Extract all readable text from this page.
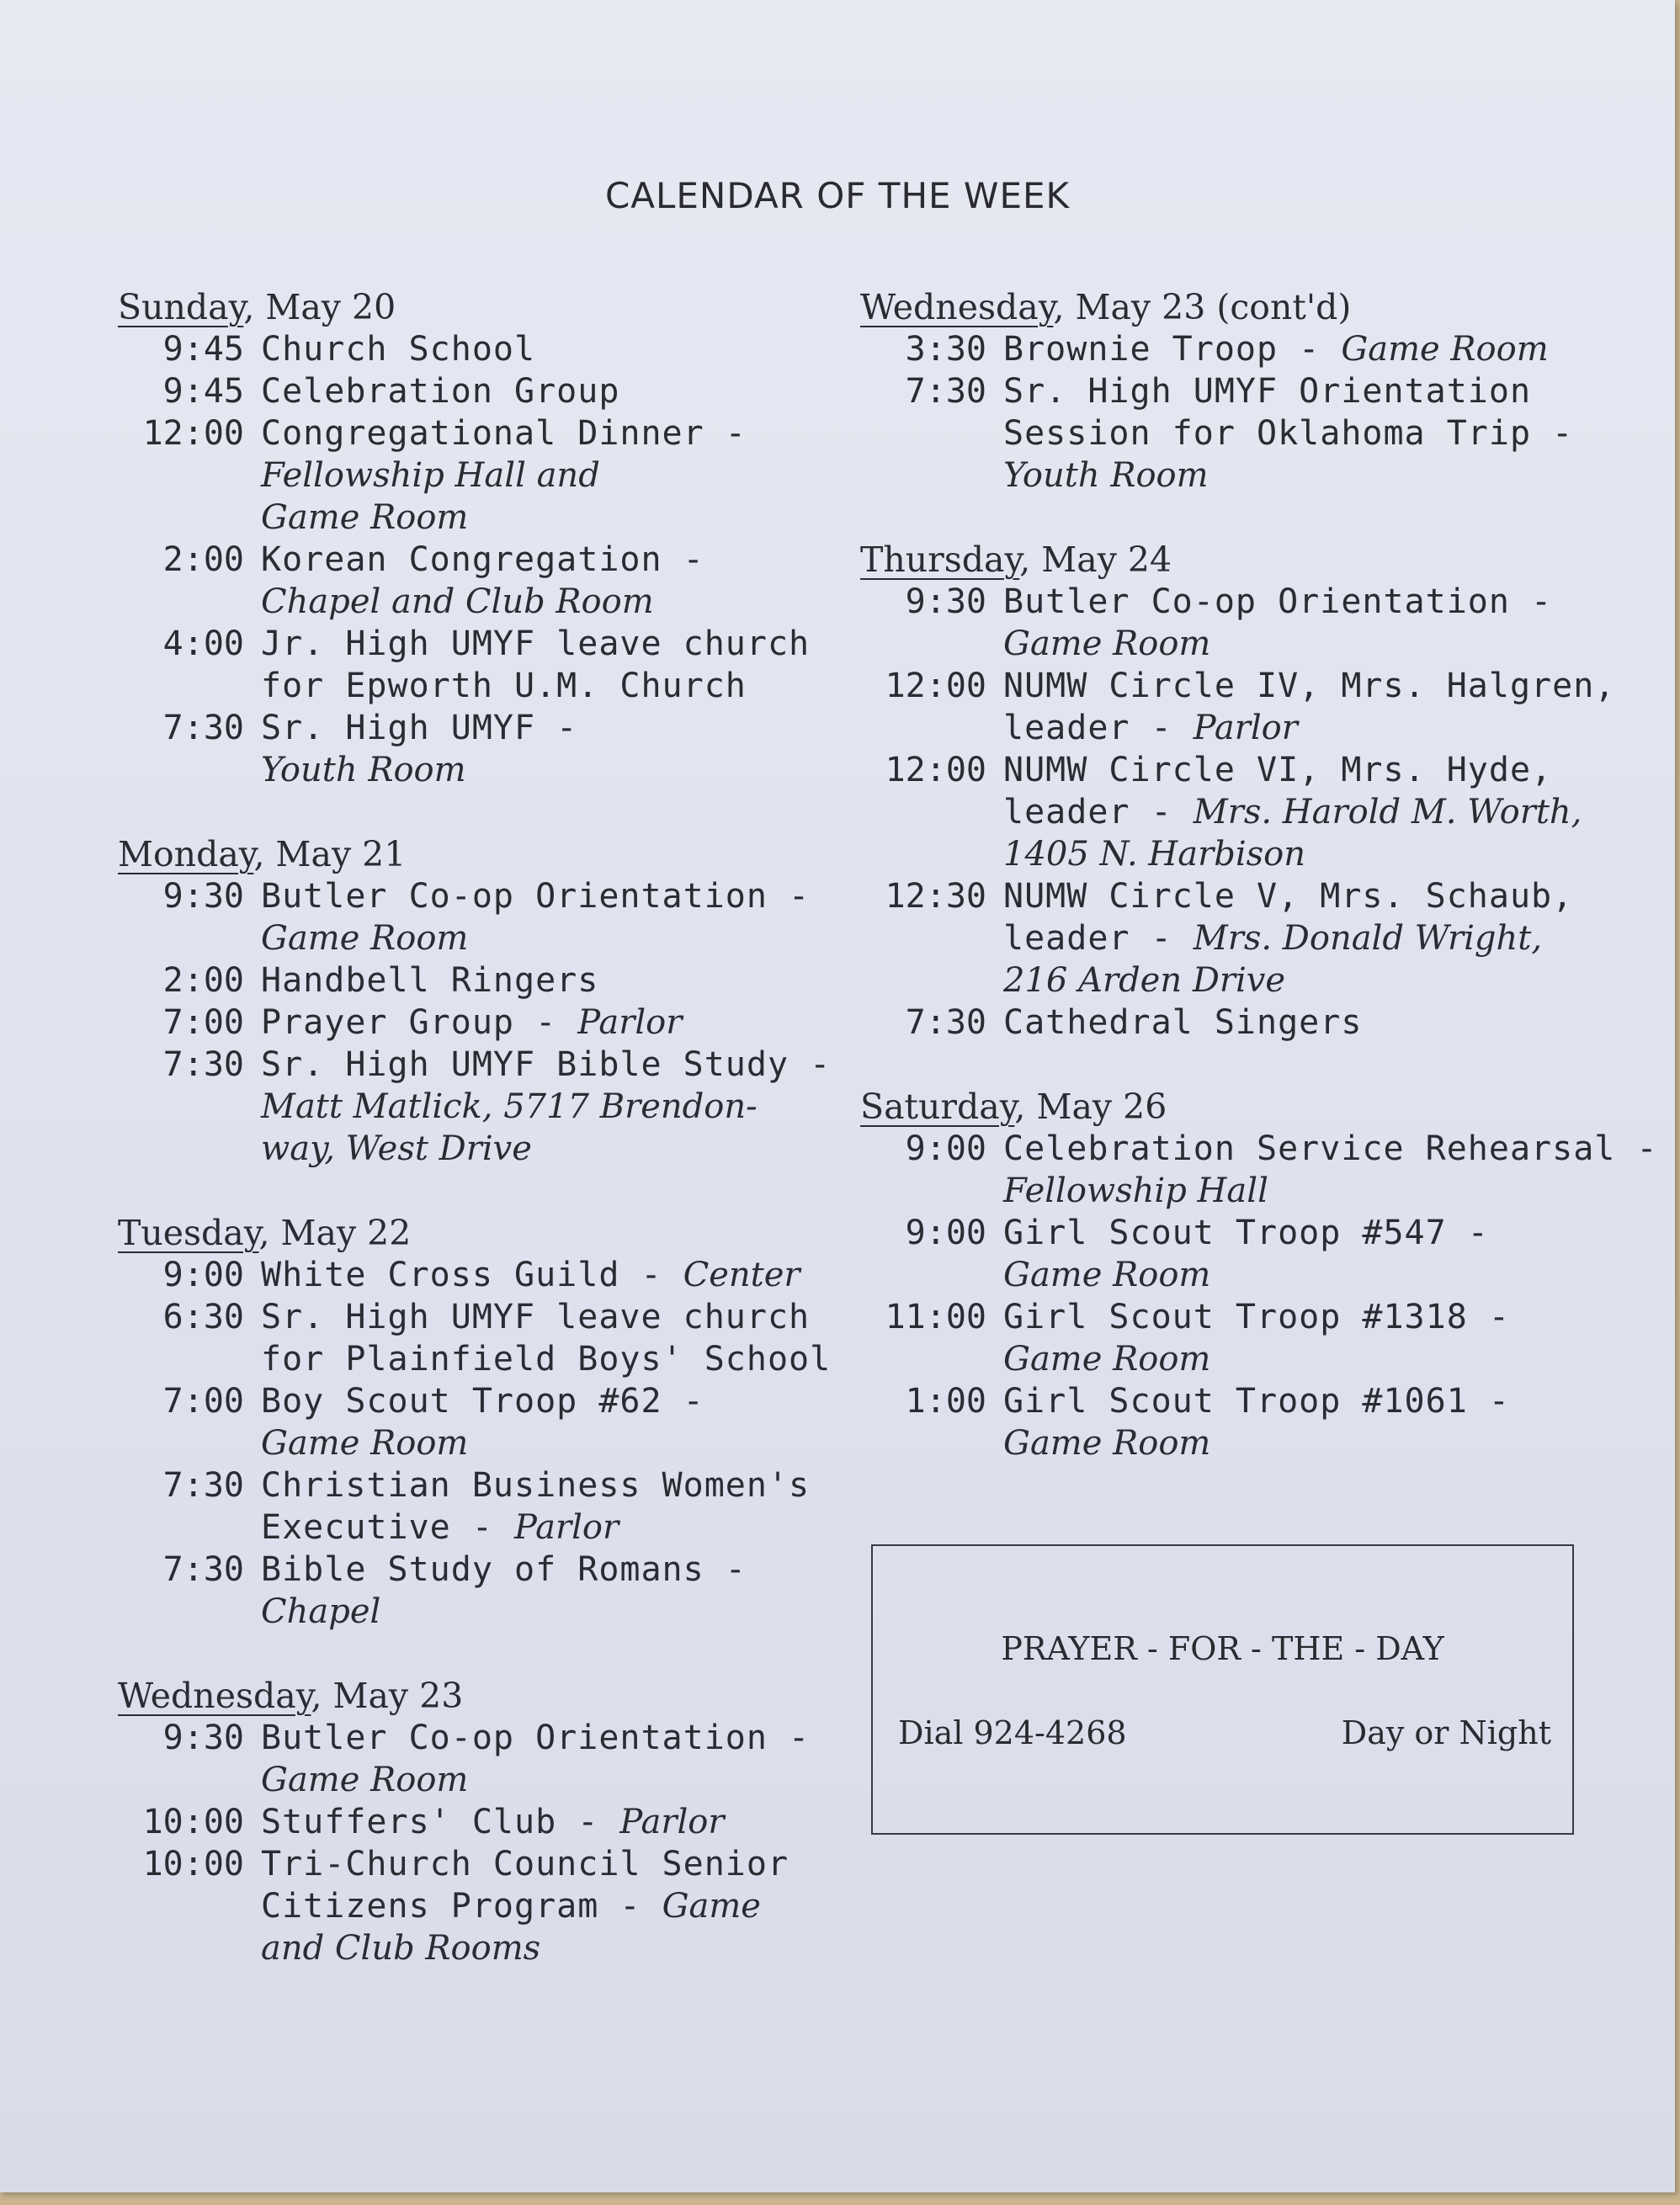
CALENDAR OF THE WEEK
Sunday, May 20
9:45 Church School
9:45 Celebration Group
12:00 Congregational Dinner -
Fellowship Hall and
Game Room
2:00 Korean Congregation -
Chapel and Club Room
4:00 Jr. High UMYF leave church
for Epworth U.M. Church
7:30 Sr. High UMYF -
Youth Room
Monday, May 21
9:30 Butler Co-op Orientation -
Game Room
2:00 Handbell Ringers
7:00 Prayer Group - Parlor
7:30 Sr. High UMYF Bible Study -
Matt Matlick, 5717 Brendon-
way, West Drive
Tuesday, May 22
9:00 White Cross Guild - Center
6:30 Sr. High UMYF leave church
for Plainfield Boys' School
7:00 Boy Scout Troop #62 -
Game Room
7:30 Christian Business Women's
Executive - Parlor
7:30 Bible Study of Romans -
Chapel
Wednesday, May 23
9:30 Butler Co-op Orientation -
Game Room
10:00 Stuffers' Club - Parlor
10:00 Tri-Church Council Senior
Citizens Program - Game
and Club Rooms
Wednesday, May 23 (cont'd)
3:30 Brownie Troop - Game Room
7:30 Sr. High UMYF Orientation
Session for Oklahoma Trip -
Youth Room
Thursday, May 24
9:30 Butler Co-op Orientation -
Game Room
12:00 NUMW Circle IV, Mrs. Halgren,
leader - Parlor
12:00 NUMW Circle VI, Mrs. Hyde,
leader - Mrs. Harold M. Worth,
1405 N. Harbison
12:30 NUMW Circle V, Mrs. Schaub,
leader - Mrs. Donald Wright,
216 Arden Drive
7:30 Cathedral Singers
Saturday, May 26
9:00 Celebration Service Rehearsal -
Fellowship Hall
9:00 Girl Scout Troop #547 -
Game Room
11:00 Girl Scout Troop #1318 -
Game Room
1:00 Girl Scout Troop #1061 -
Game Room
PRAYER - FOR - THE - DAY
Dial 924-4268	Day or Night
